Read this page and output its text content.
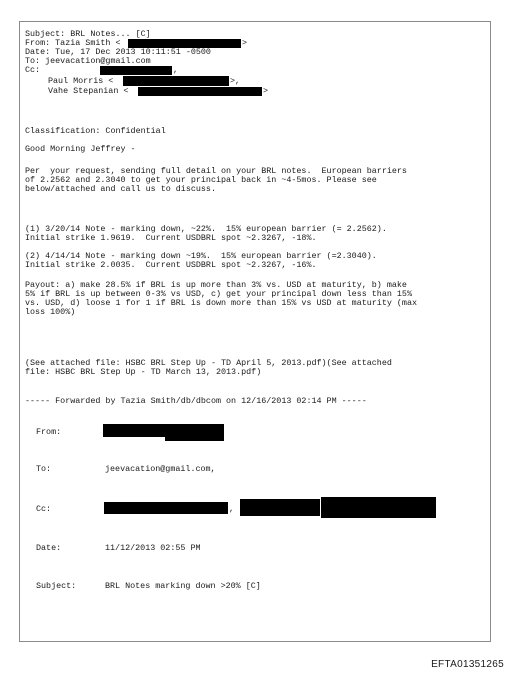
Subject: BRL Notes... [C]
From: Tazia Smith <	>
Date: Tue, 17 Dec 2013 10:11:51 -0500
To: jeevacation@gmail.com
Cc:	,
Paul Morris <	>,
Vahe Stepanian <	>
Classification: Confidential
Good Morning Jeffrey -
Per  your request, sending full detail on your BRL notes.  European barriers
of 2.2562 and 2.3040 to get your principal back in ~4-5mos. Please see
below/attached and call us to discuss.
(1) 3/20/14 Note - marking down, ~22%.  15% european barrier (= 2.2562).
Initial strike 1.9619.  Current USDBRL spot ~2.3267, -18%.
(2) 4/14/14 Note - marking down ~19%.  15% european barrier (=2.3040).
Initial strike 2.0035.  Current USDBRL spot ~2.3267, -16%.
Payout: a) make 28.5% if BRL is up more than 3% vs. USD at maturity, b) make
5% if BRL is up between 0-3% vs USD, c) get your principal down less than 15%
vs. USD, d) loose 1 for 1 if BRL is down more than 15% vs USD at maturity (max
loss 100%)
(See attached file: HSBC BRL Step Up - TD April 5, 2013.pdf)(See attached
file: HSBC BRL Step Up - TD March 13, 2013.pdf)
----- Forwarded by Tazia Smith/db/dbcom on 12/16/2013 02:14 PM -----
From:
To:	jeevacation@gmail.com,
Cc:	,
Date:	11/12/2013 02:55 PM
Subject:	BRL Notes marking down >20% [C]
EFTA01351265
